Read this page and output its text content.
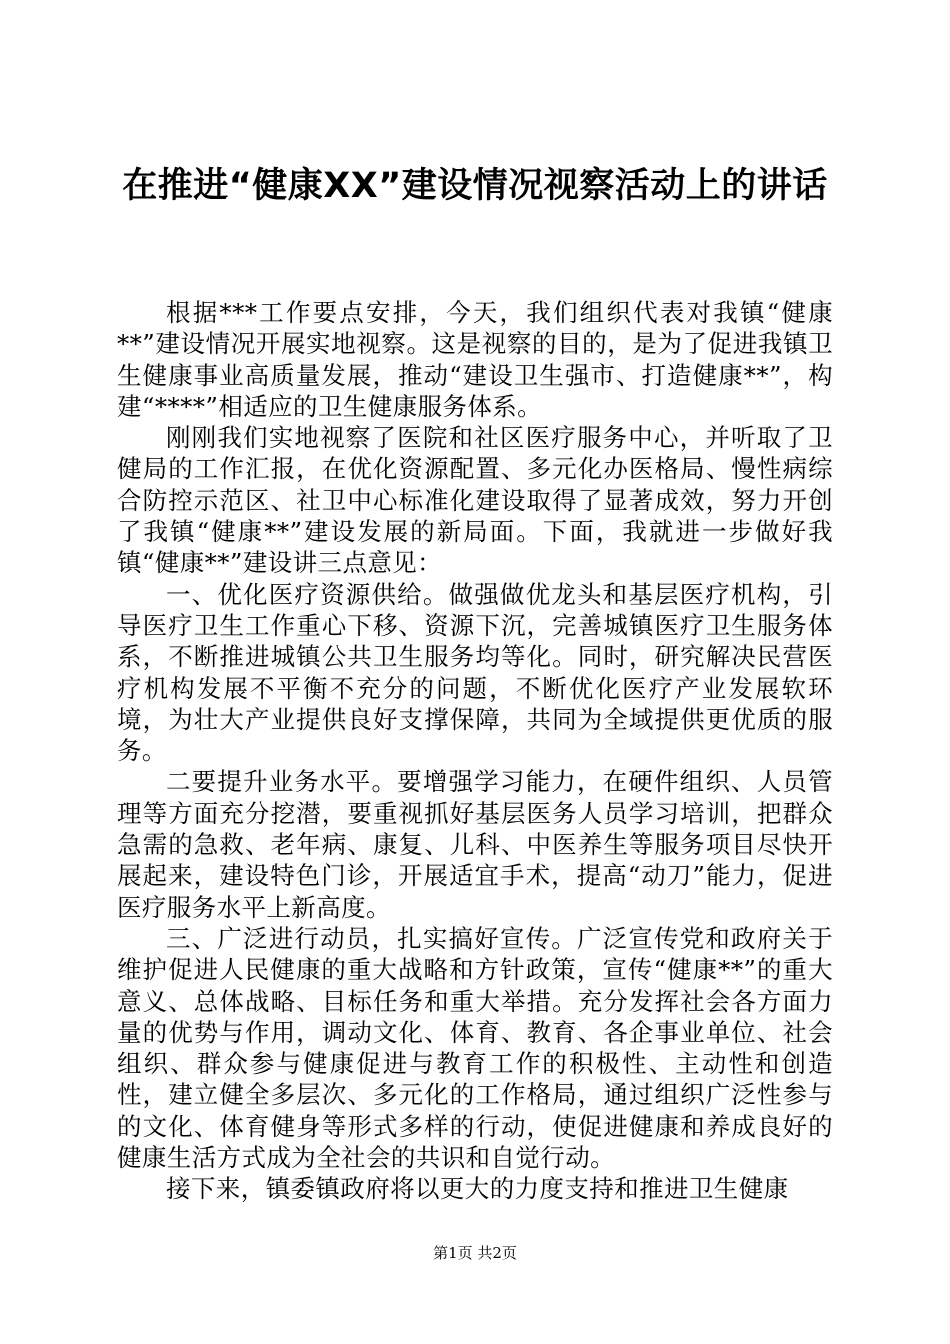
在推进“健康XX”建设情况视察活动上的讲话

根据***工作要点安排，今天，我们组织代表对我镇“健康**”建设情况开展实地视察。这是视察的目的，是为了促进我镇卫生健康事业高质量发展，推动“建设卫生强市、打造健康**”，构建“****”相适应的卫生健康服务体系。

刚刚我们实地视察了医院和社区医疗服务中心，并听取了卫健局的工作汇报，在优化资源配置、多元化办医格局、慢性病综合防控示范区、社卫中心标准化建设取得了显著成效，努力开创了我镇“健康**”建设发展的新局面。下面，我就进一步做好我镇“健康**”建设讲三点意见：

一、优化医疗资源供给。做强做优龙头和基层医疗机构，引导医疗卫生工作重心下移、资源下沉，完善城镇医疗卫生服务体系，不断推进城镇公共卫生服务均等化。同时，研究解决民营医疗机构发展不平衡不充分的问题，不断优化医疗产业发展软环境，为壮大产业提供良好支撑保障，共同为全域提供更优质的服务。

二要提升业务水平。要增强学习能力，在硬件组织、人员管理等方面充分挖潜，要重视抓好基层医务人员学习培训，把群众急需的急救、老年病、康复、儿科、中医养生等服务项目尽快开展起来，建设特色门诊，开展适宜手术，提高“动刀”能力，促进医疗服务水平上新高度。

三、广泛进行动员，扎实搞好宣传。广泛宣传党和政府关于维护促进人民健康的重大战略和方针政策，宣传“健康**”的重大意义、总体战略、目标任务和重大举措。充分发挥社会各方面力量的优势与作用，调动文化、体育、教育、各企事业单位、社会组织、群众参与健康促进与教育工作的积极性、主动性和创造性，建立健全多层次、多元化的工作格局，通过组织广泛性参与的文化、体育健身等形式多样的行动，使促进健康和养成良好的健康生活方式成为全社会的共识和自觉行动。

接下来，镇委镇政府将以更大的力度支持和推进卫生健康

第1页 共2页
